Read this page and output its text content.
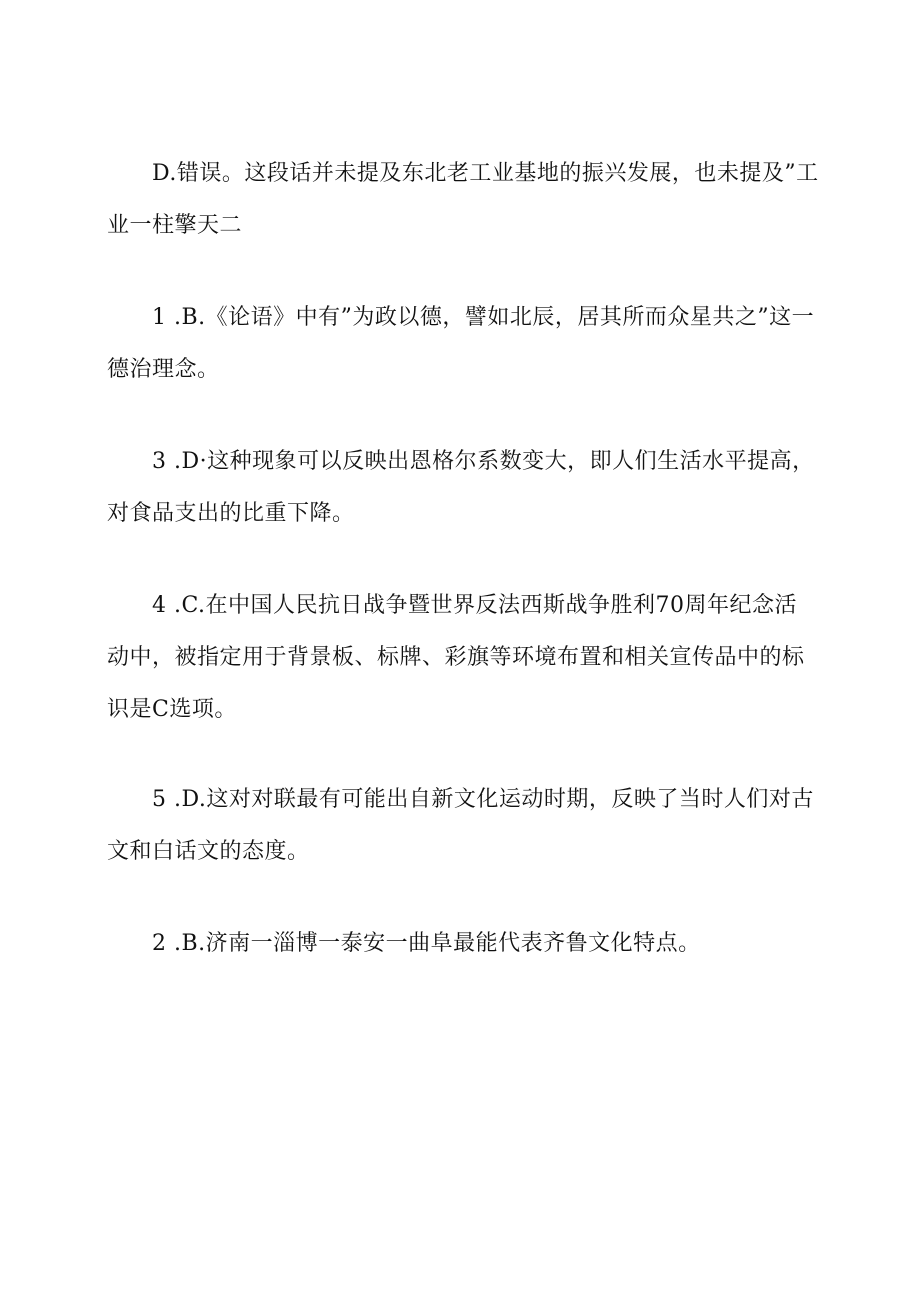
D.错误。这段话并未提及东北老工业基地的振兴发展，也未提及”工业一柱擎天二

1 .B.《论语》中有”为政以德，譬如北辰，居其所而众星共之”这一德治理念。

3 .D·这种现象可以反映出恩格尔系数变大，即人们生活水平提高，对食品支出的比重下降。

4 .C.在中国人民抗日战争暨世界反法西斯战争胜利70周年纪念活动中，被指定用于背景板、标牌、彩旗等环境布置和相关宣传品中的标识是C选项。

5 .D.这对对联最有可能出自新文化运动时期，反映了当时人们对古文和白话文的态度。

2 .B.济南一淄博一泰安一曲阜最能代表齐鲁文化特点。
